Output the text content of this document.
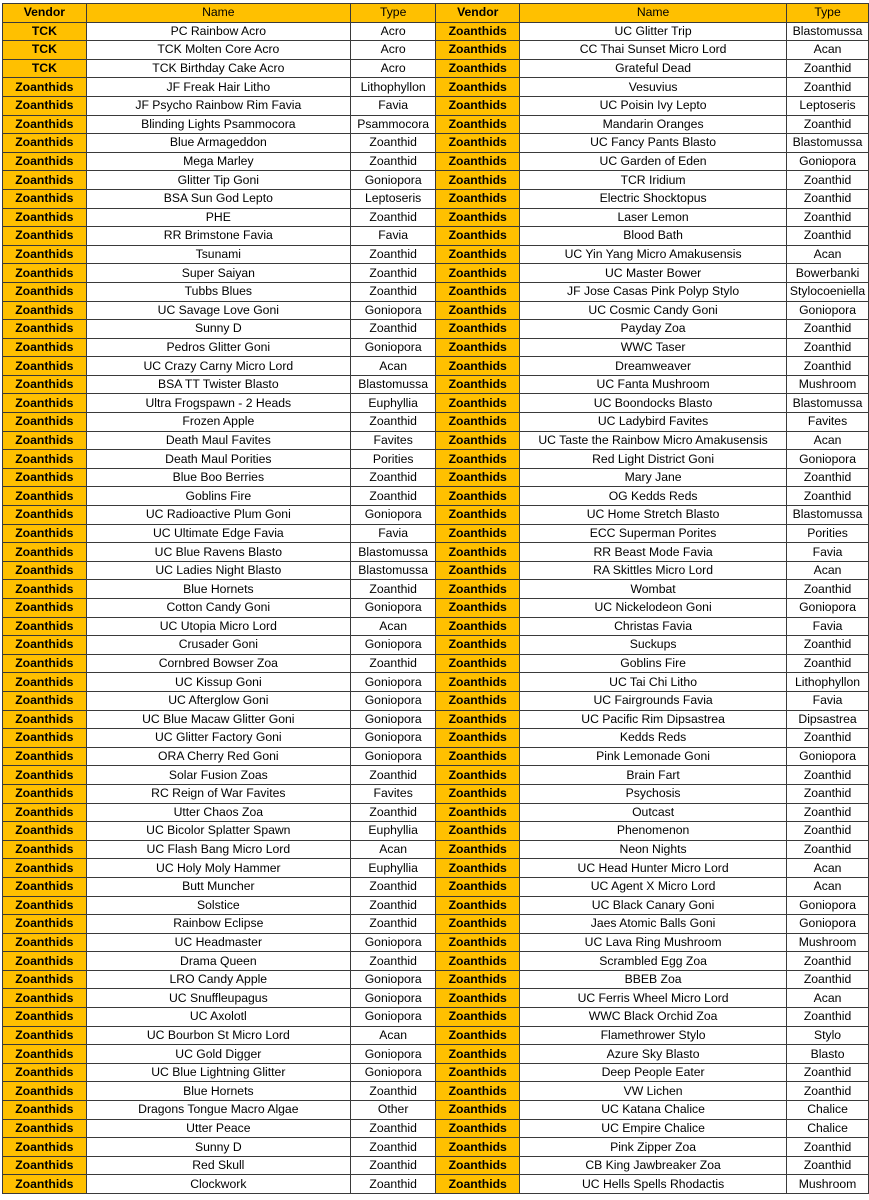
Vendor	Name	Type	Vendor	Name	Type
TCK	PC Rainbow Acro	Acro	Zoanthids	UC Glitter Trip	Blastomussa
TCK	TCK Molten Core Acro	Acro	Zoanthids	CC Thai Sunset Micro Lord	Acan
TCK	TCK Birthday Cake Acro	Acro	Zoanthids	Grateful Dead	Zoanthid
Zoanthids	JF Freak Hair Litho	Lithophyllon	Zoanthids	Vesuvius	Zoanthid
Zoanthids	JF Psycho Rainbow Rim Favia	Favia	Zoanthids	UC Poisin Ivy Lepto	Leptoseris
Zoanthids	Blinding Lights Psammocora	Psammocora	Zoanthids	Mandarin Oranges	Zoanthid
Zoanthids	Blue Armageddon	Zoanthid	Zoanthids	UC Fancy Pants Blasto	Blastomussa
Zoanthids	Mega Marley	Zoanthid	Zoanthids	UC Garden of Eden	Goniopora
Zoanthids	Glitter Tip Goni	Goniopora	Zoanthids	TCR Iridium	Zoanthid
Zoanthids	BSA Sun God Lepto	Leptoseris	Zoanthids	Electric Shocktopus	Zoanthid
Zoanthids	PHE	Zoanthid	Zoanthids	Laser Lemon	Zoanthid
Zoanthids	RR Brimstone Favia	Favia	Zoanthids	Blood Bath	Zoanthid
Zoanthids	Tsunami	Zoanthid	Zoanthids	UC Yin Yang Micro Amakusensis	Acan
Zoanthids	Super Saiyan	Zoanthid	Zoanthids	UC Master Bower	Bowerbanki
Zoanthids	Tubbs Blues	Zoanthid	Zoanthids	JF Jose Casas Pink Polyp Stylo	Stylocoeniella
Zoanthids	UC Savage Love Goni	Goniopora	Zoanthids	UC Cosmic Candy Goni	Goniopora
Zoanthids	Sunny D	Zoanthid	Zoanthids	Payday Zoa	Zoanthid
Zoanthids	Pedros Glitter Goni	Goniopora	Zoanthids	WWC Taser	Zoanthid
Zoanthids	UC Crazy Carny Micro Lord	Acan	Zoanthids	Dreamweaver	Zoanthid
Zoanthids	BSA TT Twister Blasto	Blastomussa	Zoanthids	UC Fanta Mushroom	Mushroom
Zoanthids	Ultra Frogspawn - 2 Heads	Euphyllia	Zoanthids	UC Boondocks Blasto	Blastomussa
Zoanthids	Frozen Apple	Zoanthid	Zoanthids	UC Ladybird Favites	Favites
Zoanthids	Death Maul Favites	Favites	Zoanthids	UC Taste the Rainbow Micro Amakusensis	Acan
Zoanthids	Death Maul Porities	Porities	Zoanthids	Red Light District Goni	Goniopora
Zoanthids	Blue Boo Berries	Zoanthid	Zoanthids	Mary Jane	Zoanthid
Zoanthids	Goblins Fire	Zoanthid	Zoanthids	OG Kedds Reds	Zoanthid
Zoanthids	UC Radioactive Plum Goni	Goniopora	Zoanthids	UC Home Stretch Blasto	Blastomussa
Zoanthids	UC Ultimate Edge Favia	Favia	Zoanthids	ECC Superman Porites	Porities
Zoanthids	UC Blue Ravens Blasto	Blastomussa	Zoanthids	RR Beast Mode Favia	Favia
Zoanthids	UC Ladies Night Blasto	Blastomussa	Zoanthids	RA Skittles Micro Lord	Acan
Zoanthids	Blue Hornets	Zoanthid	Zoanthids	Wombat	Zoanthid
Zoanthids	Cotton Candy Goni	Goniopora	Zoanthids	UC Nickelodeon Goni	Goniopora
Zoanthids	UC Utopia Micro Lord	Acan	Zoanthids	Christas Favia	Favia
Zoanthids	Crusader Goni	Goniopora	Zoanthids	Suckups	Zoanthid
Zoanthids	Cornbred Bowser Zoa	Zoanthid	Zoanthids	Goblins Fire	Zoanthid
Zoanthids	UC Kissup Goni	Goniopora	Zoanthids	UC Tai Chi Litho	Lithophyllon
Zoanthids	UC Afterglow Goni	Goniopora	Zoanthids	UC Fairgrounds Favia	Favia
Zoanthids	UC Blue Macaw Glitter Goni	Goniopora	Zoanthids	UC Pacific Rim Dipsastrea	Dipsastrea
Zoanthids	UC Glitter Factory Goni	Goniopora	Zoanthids	Kedds Reds	Zoanthid
Zoanthids	ORA Cherry Red Goni	Goniopora	Zoanthids	Pink Lemonade Goni	Goniopora
Zoanthids	Solar Fusion Zoas	Zoanthid	Zoanthids	Brain Fart	Zoanthid
Zoanthids	RC Reign of War Favites	Favites	Zoanthids	Psychosis	Zoanthid
Zoanthids	Utter Chaos Zoa	Zoanthid	Zoanthids	Outcast	Zoanthid
Zoanthids	UC Bicolor Splatter Spawn	Euphyllia	Zoanthids	Phenomenon	Zoanthid
Zoanthids	UC Flash Bang Micro Lord	Acan	Zoanthids	Neon Nights	Zoanthid
Zoanthids	UC Holy Moly Hammer	Euphyllia	Zoanthids	UC Head Hunter Micro Lord	Acan
Zoanthids	Butt Muncher	Zoanthid	Zoanthids	UC Agent X Micro Lord	Acan
Zoanthids	Solstice	Zoanthid	Zoanthids	UC Black Canary Goni	Goniopora
Zoanthids	Rainbow Eclipse	Zoanthid	Zoanthids	Jaes Atomic Balls Goni	Goniopora
Zoanthids	UC Headmaster	Goniopora	Zoanthids	UC Lava Ring Mushroom	Mushroom
Zoanthids	Drama Queen	Zoanthid	Zoanthids	Scrambled Egg Zoa	Zoanthid
Zoanthids	LRO Candy Apple	Goniopora	Zoanthids	BBEB Zoa	Zoanthid
Zoanthids	UC Snuffleupagus	Goniopora	Zoanthids	UC Ferris Wheel Micro Lord	Acan
Zoanthids	UC Axolotl	Goniopora	Zoanthids	WWC Black Orchid Zoa	Zoanthid
Zoanthids	UC Bourbon St Micro Lord	Acan	Zoanthids	Flamethrower Stylo	Stylo
Zoanthids	UC Gold Digger	Goniopora	Zoanthids	Azure Sky Blasto	Blasto
Zoanthids	UC Blue Lightning Glitter	Goniopora	Zoanthids	Deep People Eater	Zoanthid
Zoanthids	Blue Hornets	Zoanthid	Zoanthids	VW Lichen	Zoanthid
Zoanthids	Dragons Tongue Macro Algae	Other	Zoanthids	UC Katana Chalice	Chalice
Zoanthids	Utter Peace	Zoanthid	Zoanthids	UC Empire Chalice	Chalice
Zoanthids	Sunny D	Zoanthid	Zoanthids	Pink Zipper Zoa	Zoanthid
Zoanthids	Red Skull	Zoanthid	Zoanthids	CB King Jawbreaker Zoa	Zoanthid
Zoanthids	Clockwork	Zoanthid	Zoanthids	UC Hells Spells Rhodactis	Mushroom
